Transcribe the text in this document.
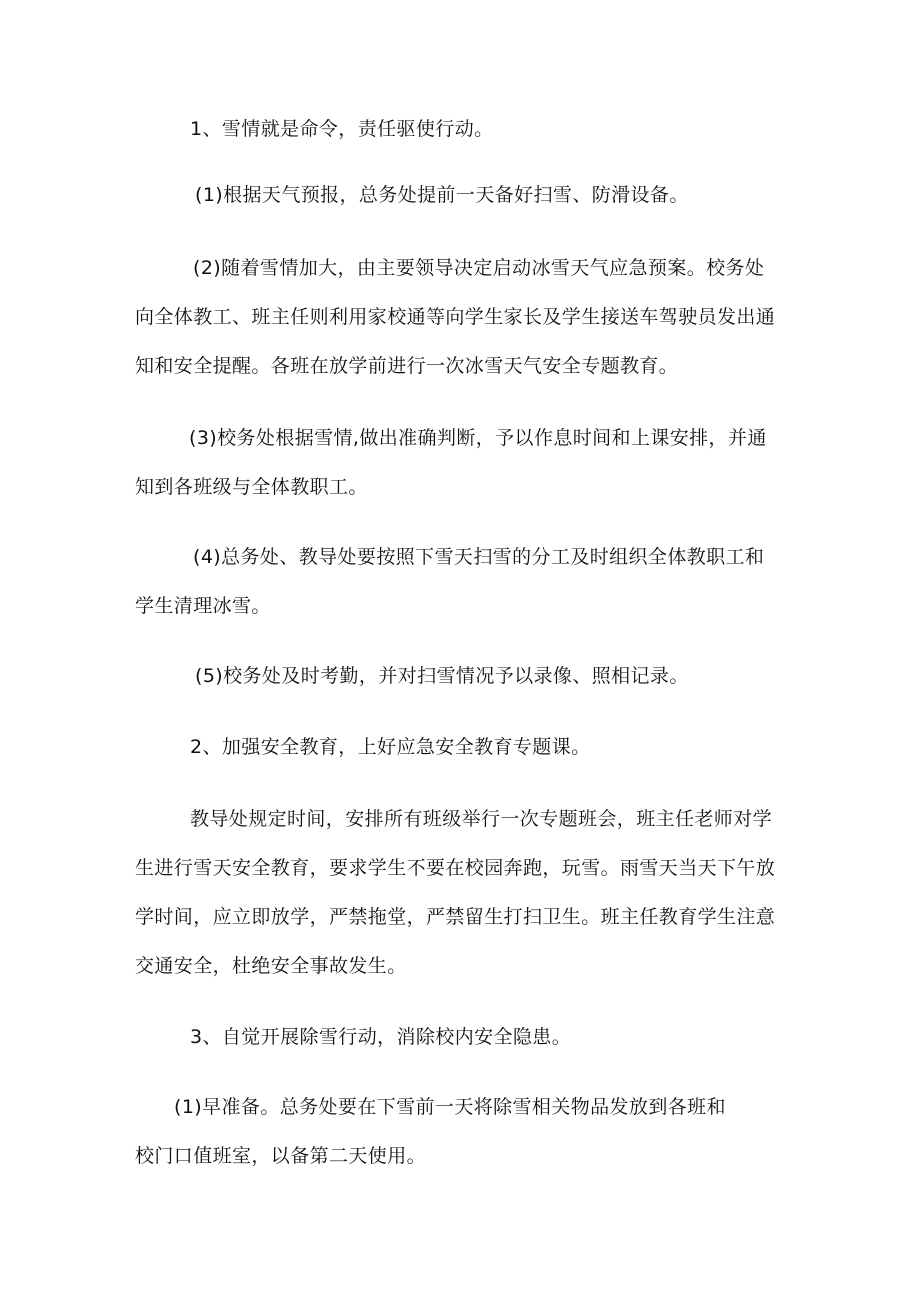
1、雪情就是命令，责任驱使行动。
(1)根据天气预报，总务处提前一天备好扫雪、防滑设备。
(2)随着雪情加大，由主要领导决定启动冰雪天气应急预案。校务处
向全体教工、班主任则利用家校通等向学生家长及学生接送车驾驶员发出通
知和安全提醒。各班在放学前进行一次冰雪天气安全专题教育。
(3)校务处根据雪情,做出准确判断，予以作息时间和上课安排，并通
知到各班级与全体教职工。
(4)总务处、教导处要按照下雪天扫雪的分工及时组织全体教职工和
学生清理冰雪。
(5)校务处及时考勤，并对扫雪情况予以录像、照相记录。
2、加强安全教育，上好应急安全教育专题课。
教导处规定时间，安排所有班级举行一次专题班会，班主任老师对学
生进行雪天安全教育，要求学生不要在校园奔跑，玩雪。雨雪天当天下午放
学时间，应立即放学，严禁拖堂，严禁留生打扫卫生。班主任教育学生注意
交通安全，杜绝安全事故发生。
3、自觉开展除雪行动，消除校内安全隐患。
(1)早准备。总务处要在下雪前一天将除雪相关物品发放到各班和
校门口值班室，以备第二天使用。
